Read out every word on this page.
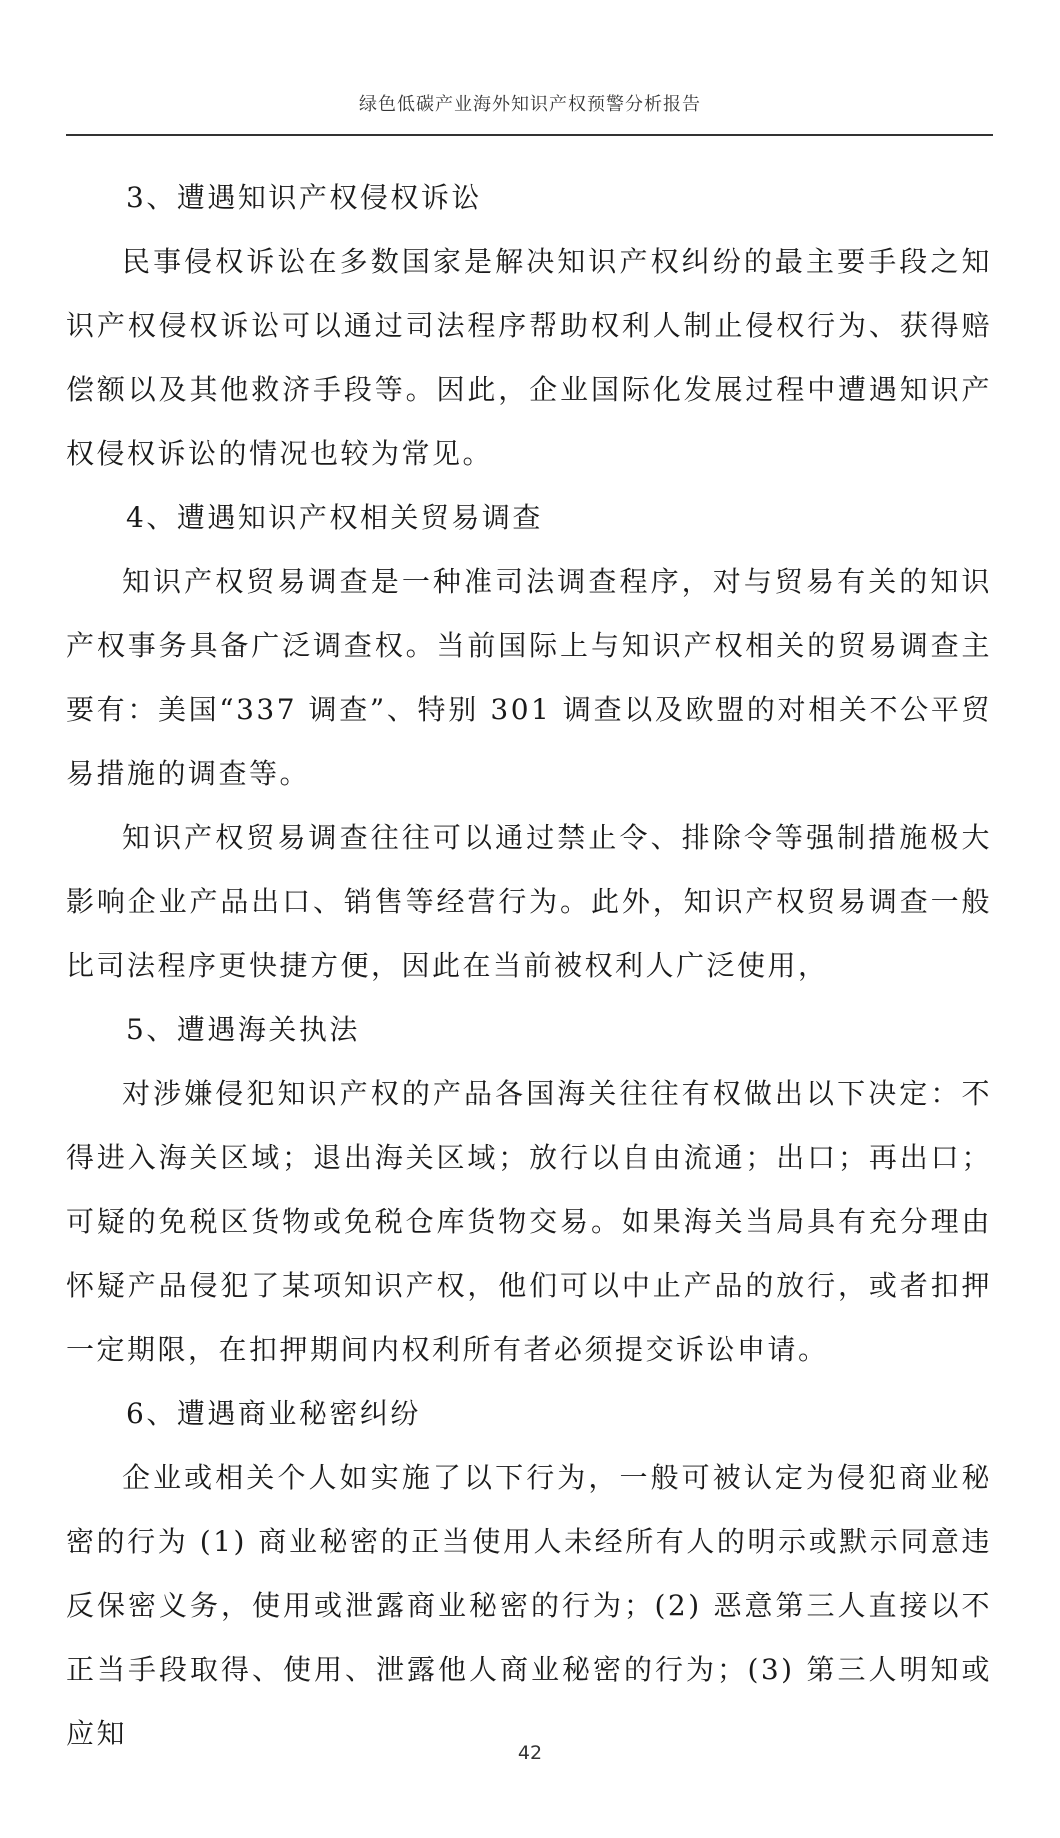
绿色低碳产业海外知识产权预警分析报告

3、遭遇知识产权侵权诉讼

民事侵权诉讼在多数国家是解决知识产权纠纷的最主要手段之知识产权侵权诉讼可以通过司法程序帮助权利人制止侵权行为、获得赔偿额以及其他救济手段等。因此，企业国际化发展过程中遭遇知识产权侵权诉讼的情况也较为常见。

4、遭遇知识产权相关贸易调查

知识产权贸易调查是一种准司法调查程序，对与贸易有关的知识产权事务具备广泛调查权。当前国际上与知识产权相关的贸易调查主要有：美国“337 调查”、特别 301 调查以及欧盟的对相关不公平贸易措施的调查等。

知识产权贸易调查往往可以通过禁止令、排除令等强制措施极大影响企业产品出口、销售等经营行为。此外，知识产权贸易调查一般比司法程序更快捷方便，因此在当前被权利人广泛使用，

5、遭遇海关执法

对涉嫌侵犯知识产权的产品各国海关往往有权做出以下决定：不得进入海关区域；退出海关区域；放行以自由流通；出口；再出口；可疑的免税区货物或免税仓库货物交易。如果海关当局具有充分理由怀疑产品侵犯了某项知识产权，他们可以中止产品的放行，或者扣押一定期限，在扣押期间内权利所有者必须提交诉讼申请。

6、遭遇商业秘密纠纷

企业或相关个人如实施了以下行为，一般可被认定为侵犯商业秘密的行为 (1) 商业秘密的正当使用人未经所有人的明示或默示同意违反保密义务，使用或泄露商业秘密的行为；(2) 恶意第三人直接以不正当手段取得、使用、泄露他人商业秘密的行为；(3) 第三人明知或应知

42
